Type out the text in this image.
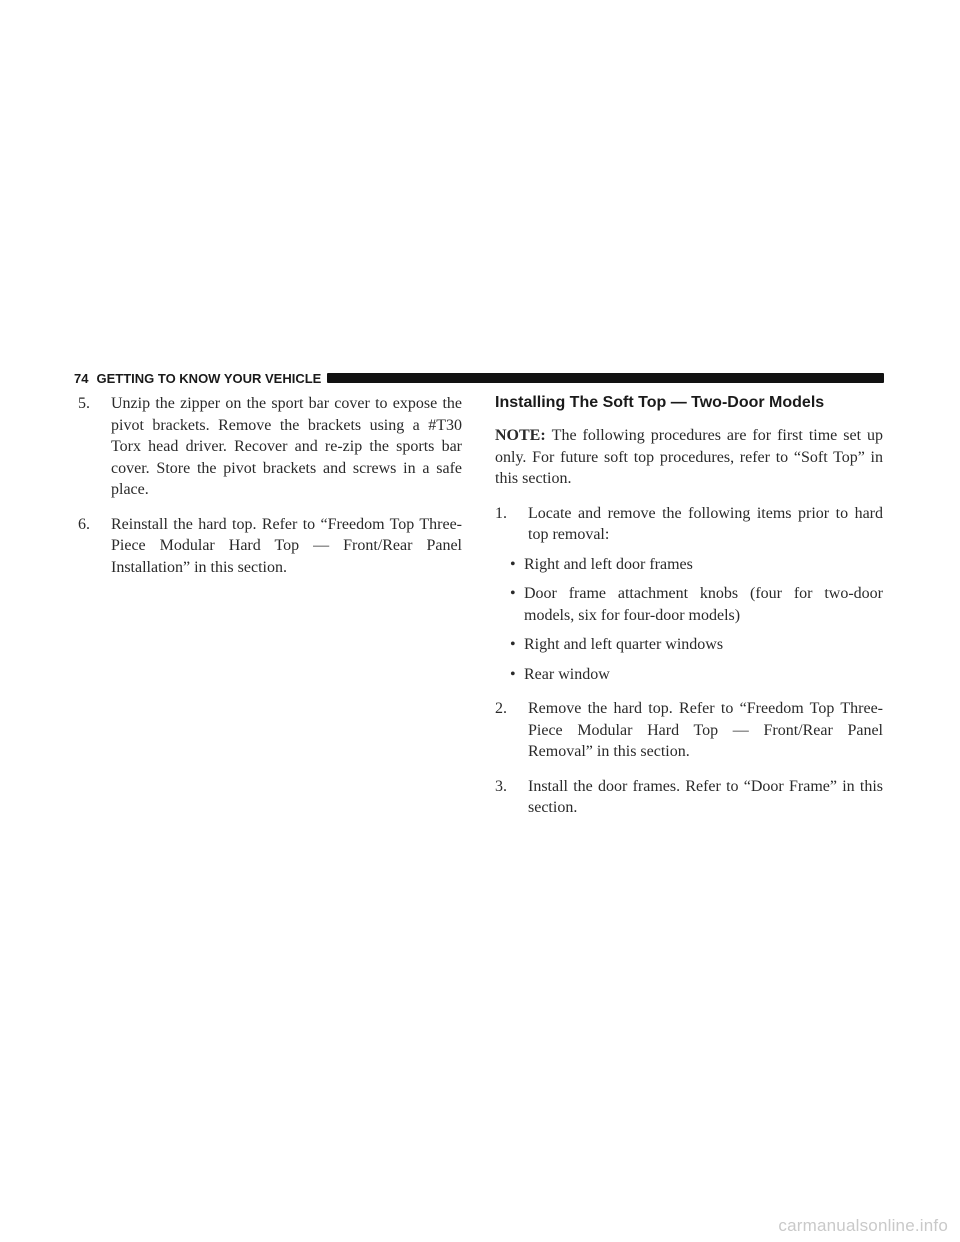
74 GETTING TO KNOW YOUR VEHICLE

5. Unzip the zipper on the sport bar cover to expose the pivot brackets. Remove the brackets using a #T30 Torx head driver. Recover and re-zip the sports bar cover. Store the pivot brackets and screws in a safe place.

6. Reinstall the hard top. Refer to “Freedom Top Three-Piece Modular Hard Top — Front/Rear Panel Installation” in this section.

Installing The Soft Top — Two-Door Models

NOTE: The following procedures are for first time set up only. For future soft top procedures, refer to “Soft Top” in this section.

1. Locate and remove the following items prior to hard top removal:

• Right and left door frames
• Door frame attachment knobs (four for two-door models, six for four-door models)
• Right and left quarter windows
• Rear window

2. Remove the hard top. Refer to “Freedom Top Three-Piece Modular Hard Top — Front/Rear Panel Removal” in this section.

3. Install the door frames. Refer to “Door Frame” in this section.

carmanualsonline.info
